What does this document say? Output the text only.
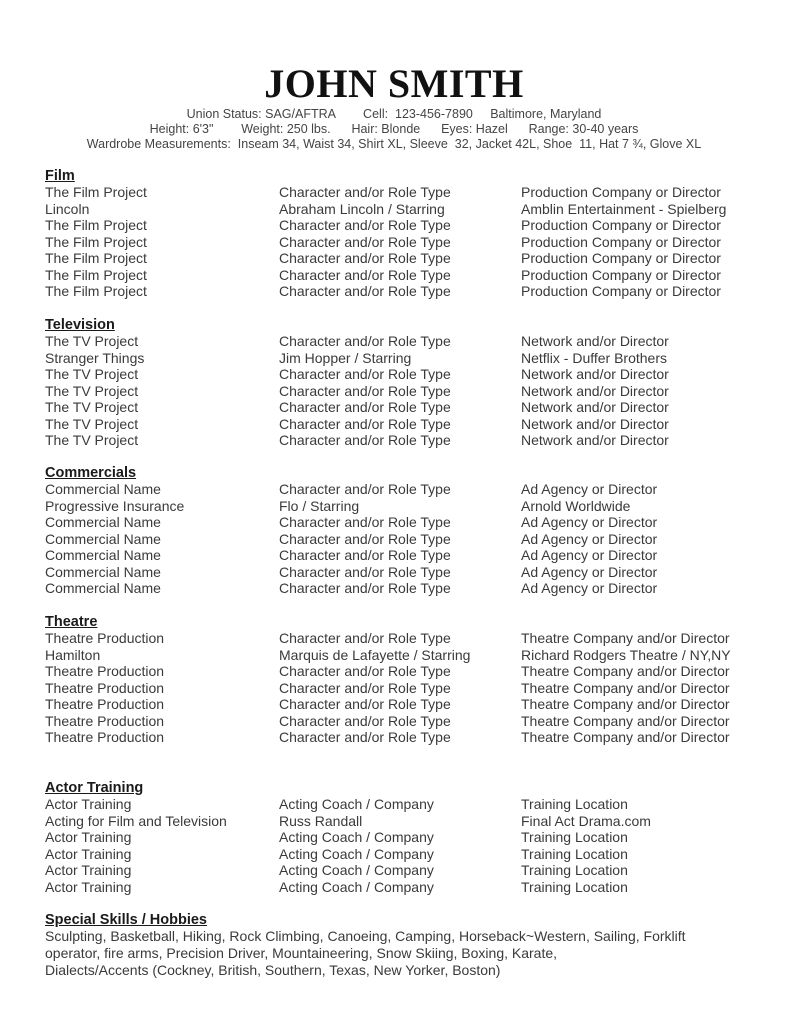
JOHN SMITH
Union Status: SAG/AFTRA        Cell:  123-456-7890     Baltimore, Maryland
Height: 6'3"        Weight: 250 lbs.      Hair: Blonde      Eyes: Hazel      Range: 30-40 years
Wardrobe Measurements:  Inseam 34, Waist 34, Shirt XL, Sleeve  32, Jacket 42L, Shoe  11, Hat 7 ¾, Glove XL
Film
The Film Project	Character and/or Role Type	Production Company or Director
Lincoln	Abraham Lincoln / Starring	Amblin Entertainment - Spielberg
The Film Project	Character and/or Role Type	Production Company or Director
The Film Project	Character and/or Role Type	Production Company or Director
The Film Project	Character and/or Role Type	Production Company or Director
The Film Project	Character and/or Role Type	Production Company or Director
The Film Project	Character and/or Role Type	Production Company or Director
Television
The TV Project	Character and/or Role Type	Network and/or Director
Stranger Things	Jim Hopper / Starring	Netflix - Duffer Brothers
The TV Project	Character and/or Role Type	Network and/or Director
The TV Project	Character and/or Role Type	Network and/or Director
The TV Project	Character and/or Role Type	Network and/or Director
The TV Project	Character and/or Role Type	Network and/or Director
The TV Project	Character and/or Role Type	Network and/or Director
Commercials
Commercial Name	Character and/or Role Type	Ad Agency or Director
Progressive Insurance	Flo / Starring	Arnold Worldwide
Commercial Name	Character and/or Role Type	Ad Agency or Director
Commercial Name	Character and/or Role Type	Ad Agency or Director
Commercial Name	Character and/or Role Type	Ad Agency or Director
Commercial Name	Character and/or Role Type	Ad Agency or Director
Commercial Name	Character and/or Role Type	Ad Agency or Director
Theatre
Theatre Production	Character and/or Role Type	Theatre Company and/or Director
Hamilton	Marquis de Lafayette / Starring	Richard Rodgers Theatre / NY,NY
Theatre Production	Character and/or Role Type	Theatre Company and/or Director
Theatre Production	Character and/or Role Type	Theatre Company and/or Director
Theatre Production	Character and/or Role Type	Theatre Company and/or Director
Theatre Production	Character and/or Role Type	Theatre Company and/or Director
Theatre Production	Character and/or Role Type	Theatre Company and/or Director
Actor Training
Actor Training	Acting Coach / Company	Training Location
Acting for Film and Television	Russ Randall	Final Act Drama.com
Actor Training	Acting Coach / Company	Training Location
Actor Training	Acting Coach / Company	Training Location
Actor Training	Acting Coach / Company	Training Location
Actor Training	Acting Coach / Company	Training Location
Special Skills / Hobbies
Sculpting, Basketball, Hiking, Rock Climbing, Canoeing, Camping, Horseback~Western, Sailing, Forklift
operator, fire arms, Precision Driver, Mountaineering, Snow Skiing, Boxing, Karate,
Dialects/Accents (Cockney, British, Southern, Texas, New Yorker, Boston)
